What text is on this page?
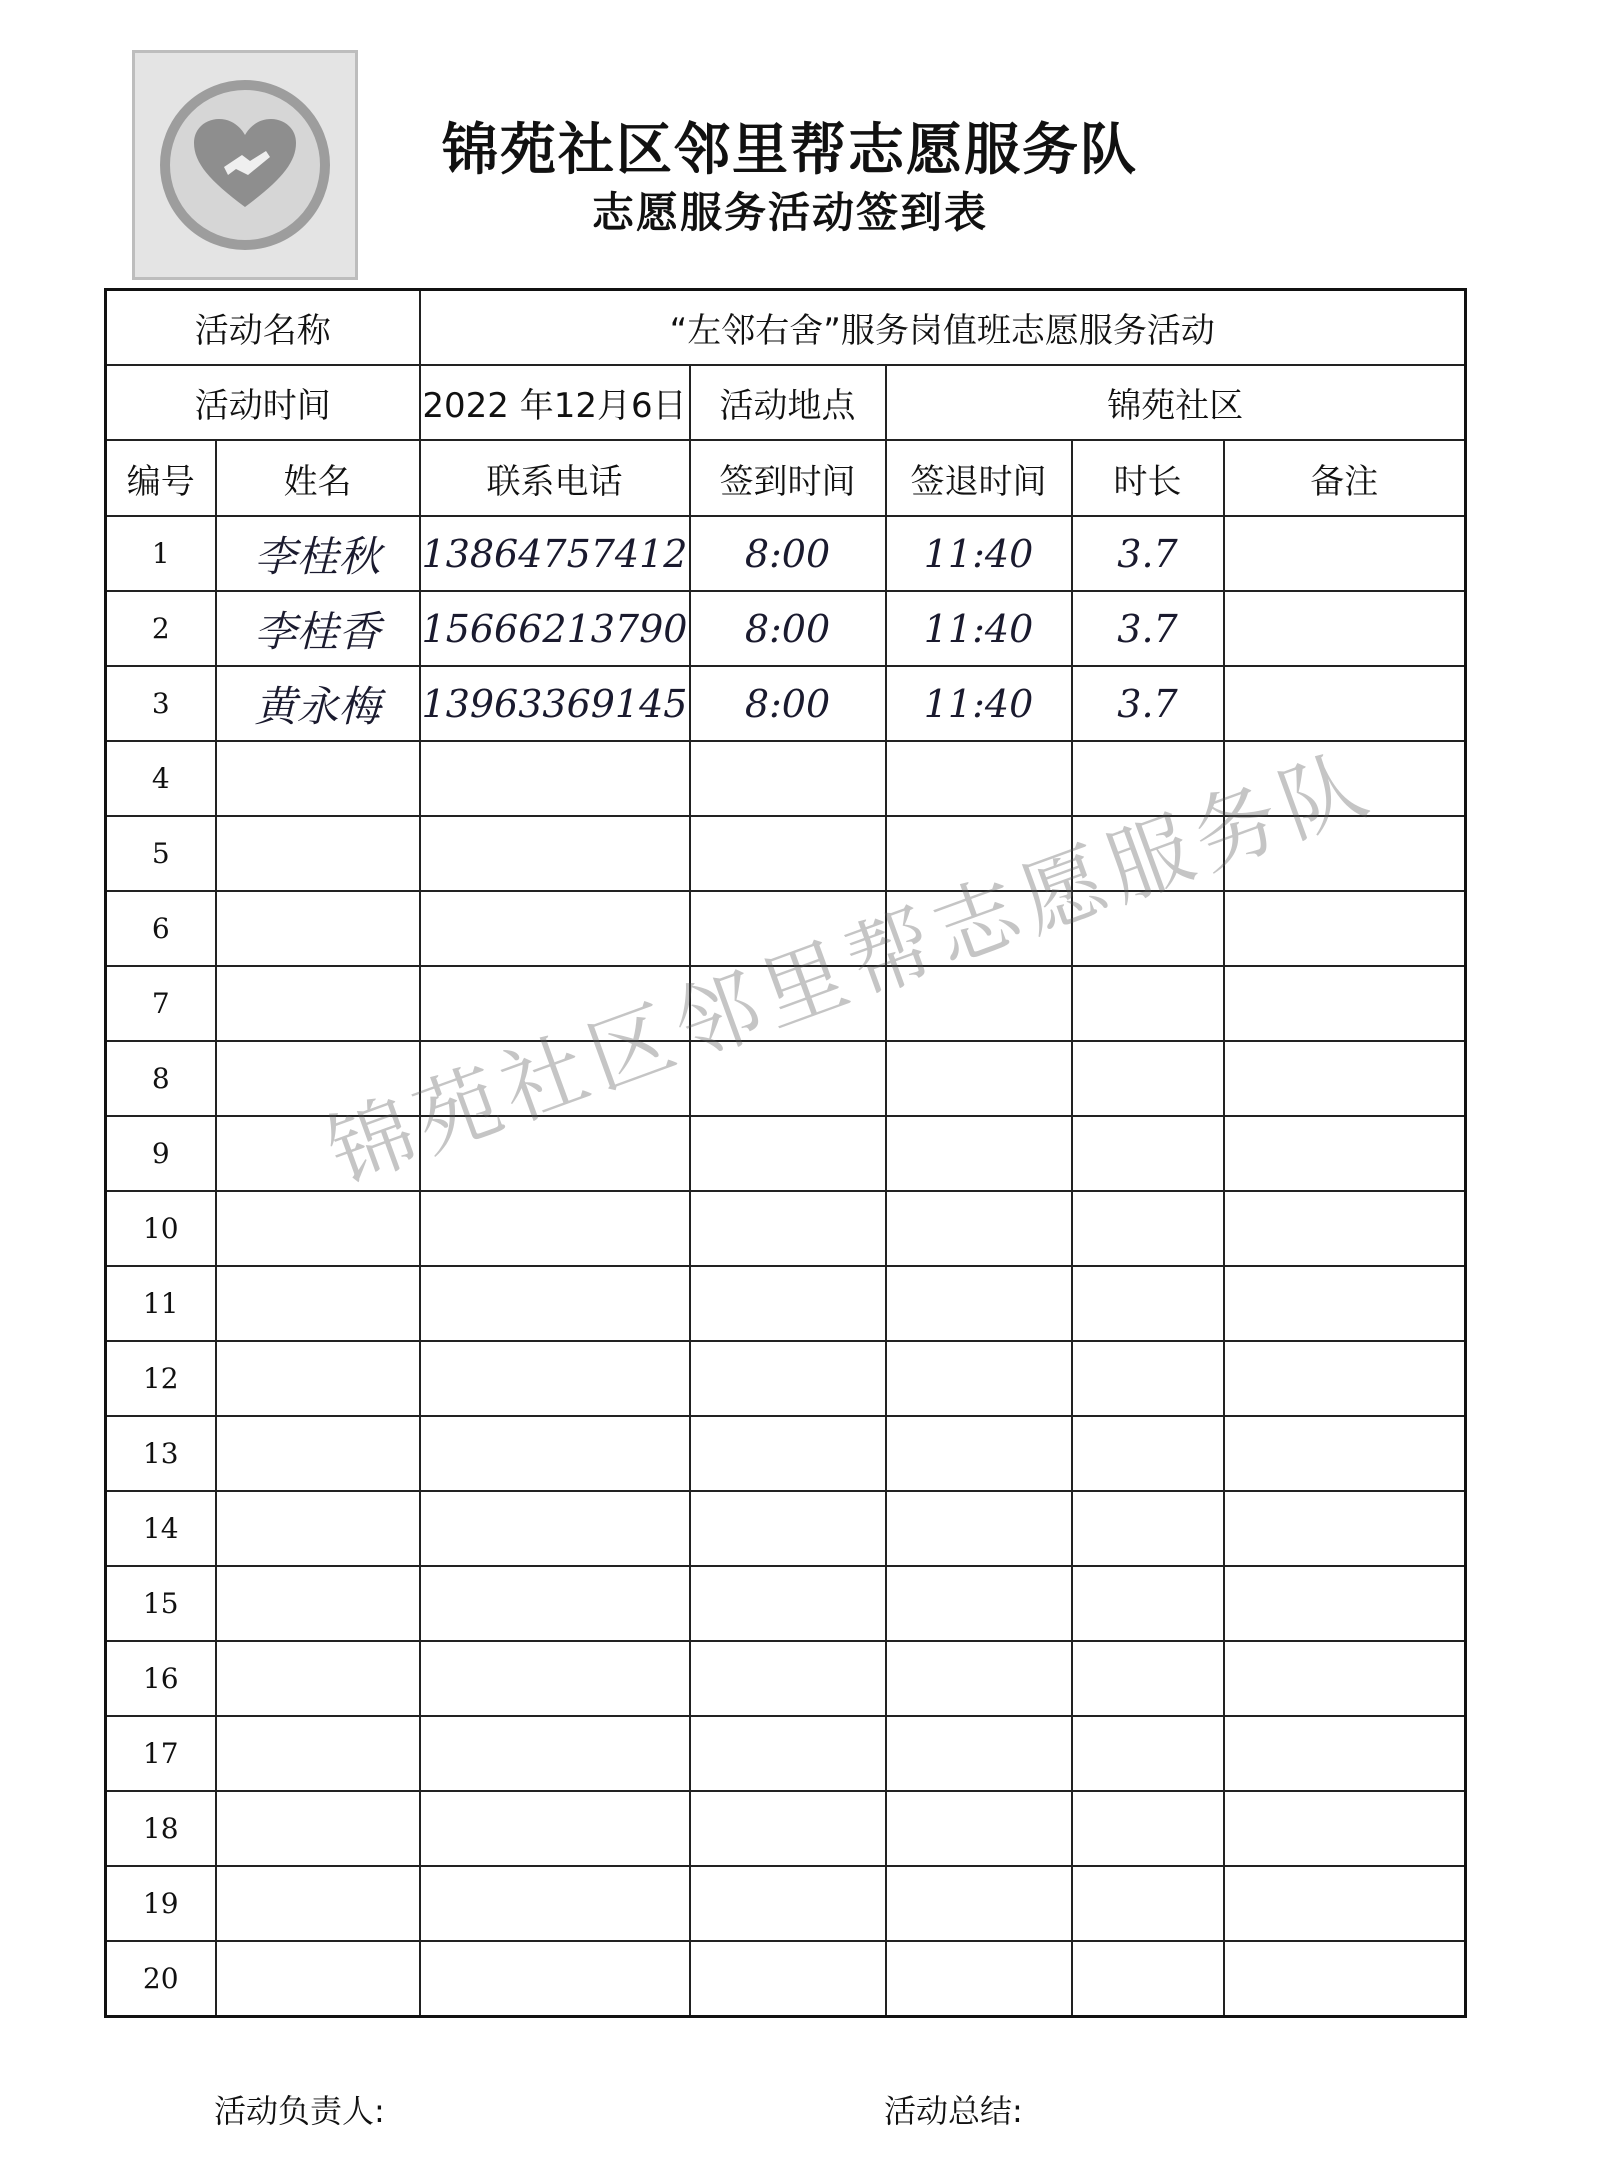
锦苑社区邻里帮志愿服务队
志愿服务活动签到表
活动名称		“左邻右舍”服务岗值班志愿服务活动				
活动时间		2022 年12月6日	活动地点	锦苑社区		
编号	姓名	联系电话	签到时间	签退时间	时长	备注
1	李桂秋	13864757412	8:00	11:40	3.7	
2	李桂香	15666213790	8:00	11:40	3.7	
3	黄永梅	13963369145	8:00	11:40	3.7	
4						
5						
6						
7						
8						
9						
10						
11						
12						
13						
14						
15						
16						
17						
18						
19						
20						
锦苑社区邻里帮志愿服务队
活动负责人:	活动总结:
